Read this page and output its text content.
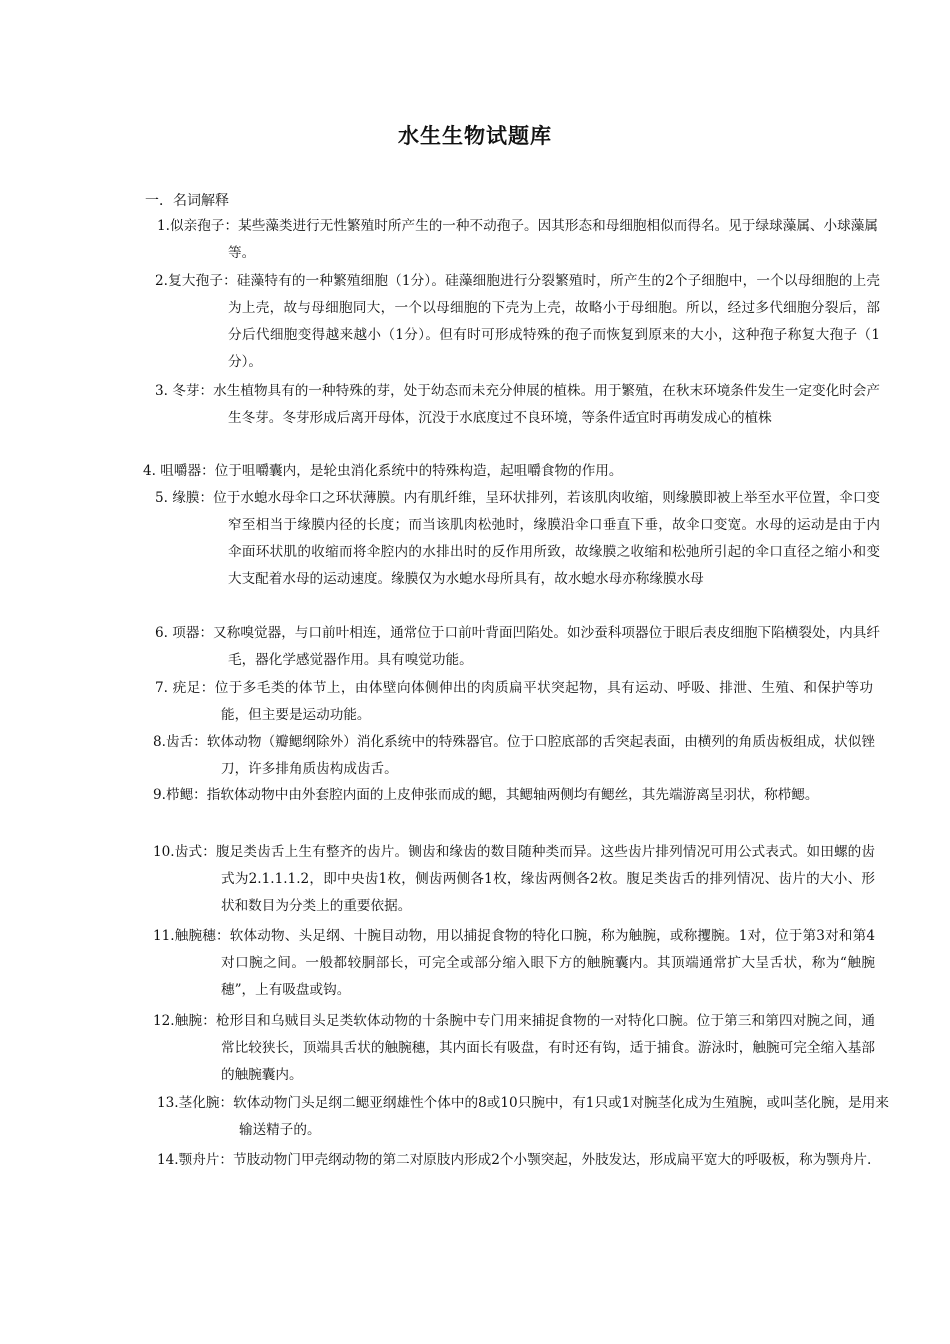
水生生物试题库
一．名词解释
1.似亲孢子：某些藻类进行无性繁殖时所产生的一种不动孢子。因其形态和母细胞相似而得名。见于绿球藻属、小球藻属等。
2.复大孢子：硅藻特有的一种繁殖细胞（1分）。硅藻细胞进行分裂繁殖时，所产生的2个子细胞中，一个以母细胞的上壳为上壳，故与母细胞同大，一个以母细胞的下壳为上壳，故略小于母细胞。所以，经过多代细胞分裂后，部分后代细胞变得越来越小（1分）。但有时可形成特殊的孢子而恢复到原来的大小，这种孢子称复大孢子（1分）。
3. 冬芽：水生植物具有的一种特殊的芽，处于幼态而未充分伸展的植株。用于繁殖，在秋末环境条件发生一定变化时会产生冬芽。冬芽形成后离开母体，沉没于水底度过不良环境，等条件适宜时再萌发成心的植株
4. 咀嚼器：位于咀嚼囊内，是轮虫消化系统中的特殊构造，起咀嚼食物的作用。
5. 缘膜：位于水螅水母伞口之环状薄膜。内有肌纤维，呈环状排列，若该肌肉收缩，则缘膜即被上举至水平位置，伞口变窄至相当于缘膜内径的长度；而当该肌肉松弛时，缘膜沿伞口垂直下垂，故伞口变宽。水母的运动是由于内伞面环状肌的收缩而将伞腔内的水排出时的反作用所致，故缘膜之收缩和松弛所引起的伞口直径之缩小和变大支配着水母的运动速度。缘膜仅为水螅水母所具有，故水螅水母亦称缘膜水母
6. 项器：又称嗅觉器，与口前叶相连，通常位于口前叶背面凹陷处。如沙蚕科项器位于眼后表皮细胞下陷横裂处，内具纤毛，器化学感觉器作用。具有嗅觉功能。
7. 疣足：位于多毛类的体节上，由体壁向体侧伸出的肉质扁平状突起物，具有运动、呼吸、排泄、生殖、和保护等功能，但主要是运动功能。
8.齿舌：软体动物（瓣鳃纲除外）消化系统中的特殊器官。位于口腔底部的舌突起表面，由横列的角质齿板组成，状似锉刀，许多排角质齿构成齿舌。
9.栉鳃：指软体动物中由外套腔内面的上皮伸张而成的鳃，其鳃轴两侧均有鳃丝，其先端游离呈羽状，称栉鳃。
10.齿式：腹足类齿舌上生有整齐的齿片。铡齿和缘齿的数目随种类而异。这些齿片排列情况可用公式表式。如田螺的齿式为2.1.1.1.2，即中央齿1枚，侧齿两侧各1枚，缘齿两侧各2枚。腹足类齿舌的排列情况、齿片的大小、形状和数目为分类上的重要依据。
11.触腕穗：软体动物、头足纲、十腕目动物，用以捕捉食物的特化口腕，称为触腕，或称攫腕。1对，位于第3对和第4对口腕之间。一般都较胴部长，可完全或部分缩入眼下方的触腕囊内。其顶端通常扩大呈舌状，称为“触腕穗”，上有吸盘或钩。
12.触腕：枪形目和乌贼目头足类软体动物的十条腕中专门用来捕捉食物的一对特化口腕。位于第三和第四对腕之间，通常比较狭长，顶端具舌状的触腕穗，其内面长有吸盘，有时还有钩，适于捕食。游泳时，触腕可完全缩入基部的触腕囊内。
13.茎化腕：软体动物门头足纲二鳃亚纲雄性个体中的8或10只腕中，有1只或1对腕茎化成为生殖腕，或叫茎化腕，是用来输送精子的。
14.颚舟片：节肢动物门甲壳纲动物的第二对原肢内形成2个小颚突起，外肢发达，形成扁平宽大的呼吸板，称为颚舟片.
